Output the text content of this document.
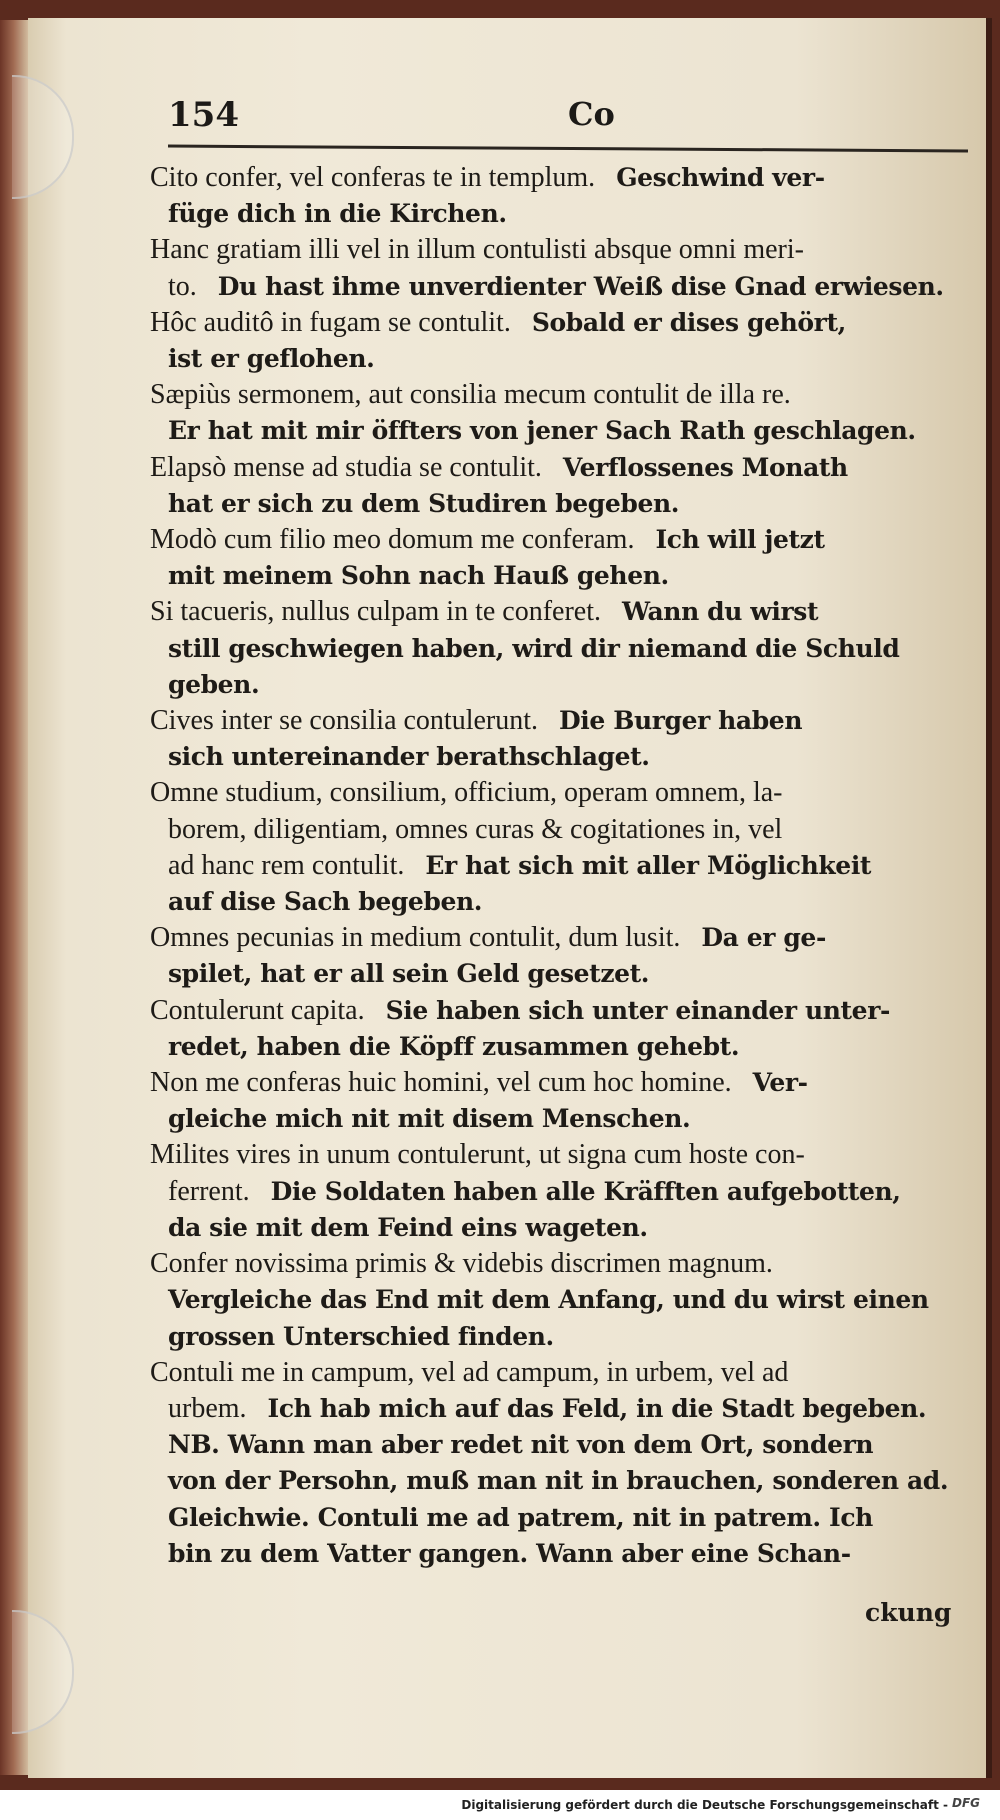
154	Co
Cito confer, vel conferas te in templum. Geschwind ver-
füge dich in die Kirchen.
Hanc gratiam illi vel in illum contulisti absque omni meri-
to. Du hast ihme unverdienter Weiß dise Gnad erwiesen.
Hôc auditô in fugam se contulit. Sobald er dises gehört,
ist er geflohen.
Sæpiùs sermonem, aut consilia mecum contulit de illa re.
Er hat mit mir öffters von jener Sach Rath geschlagen.
Elapsò mense ad studia se contulit. Verflossenes Monath
hat er sich zu dem Studiren begeben.
Modò cum filio meo domum me conferam. Ich will jetzt
mit meinem Sohn nach Hauß gehen.
Si tacueris, nullus culpam in te conferet. Wann du wirst
still geschwiegen haben, wird dir niemand die Schuld
geben.
Cives inter se consilia contulerunt. Die Burger haben
sich untereinander berathschlaget.
Omne studium, consilium, officium, operam omnem, la-
borem, diligentiam, omnes curas & cogitationes in, vel
ad hanc rem contulit. Er hat sich mit aller Möglichkeit
auf dise Sach begeben.
Omnes pecunias in medium contulit, dum lusit. Da er ge-
spilet, hat er all sein Geld gesetzet.
Contulerunt capita. Sie haben sich unter einander unter-
redet, haben die Köpff zusammen gehebt.
Non me conferas huic homini, vel cum hoc homine. Ver-
gleiche mich nit mit disem Menschen.
Milites vires in unum contulerunt, ut signa cum hoste con-
ferrent. Die Soldaten haben alle Kräfften aufgebotten,
da sie mit dem Feind eins wageten.
Confer novissima primis & videbis discrimen magnum.
Vergleiche das End mit dem Anfang, und du wirst einen
grossen Unterschied finden.
Contuli me in campum, vel ad campum, in urbem, vel ad
urbem. Ich hab mich auf das Feld, in die Stadt begeben.
NB. Wann man aber redet nit von dem Ort, sondern
von der Persohn, muß man nit in brauchen, sonderen ad.
Gleichwie. Contuli me ad patrem, nit in patrem. Ich
bin zu dem Vatter gangen. Wann aber eine Schan-
ckung
Digitalisierung gefördert durch die Deutsche Forschungsgemeinschaft - DFG
